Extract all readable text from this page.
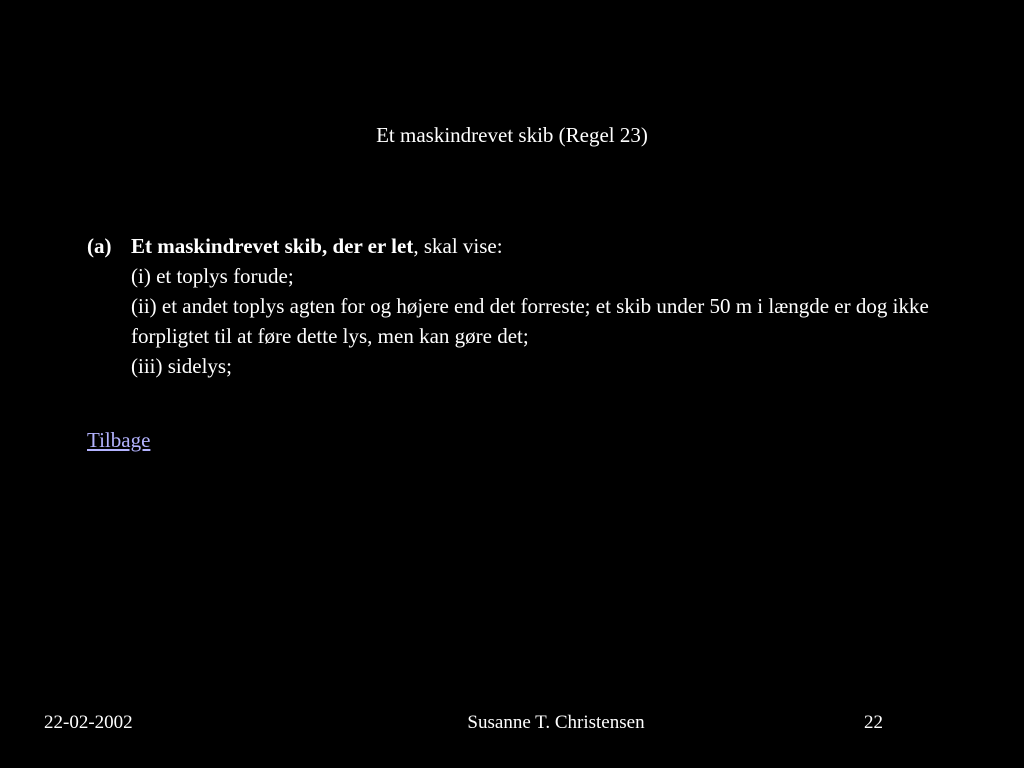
Et maskindrevet skib (Regel 23)
(a) Et maskindrevet skib, der er let, skal vise:
(i) et toplys forude;
(ii) et andet toplys agten for og højere end det forreste; et skib under 50 m i længde er dog ikke forpligtet til at føre dette lys, men kan gøre det;
(iii) sidelys;
Tilbage
22-02-2002	Susanne T. Christensen	22
